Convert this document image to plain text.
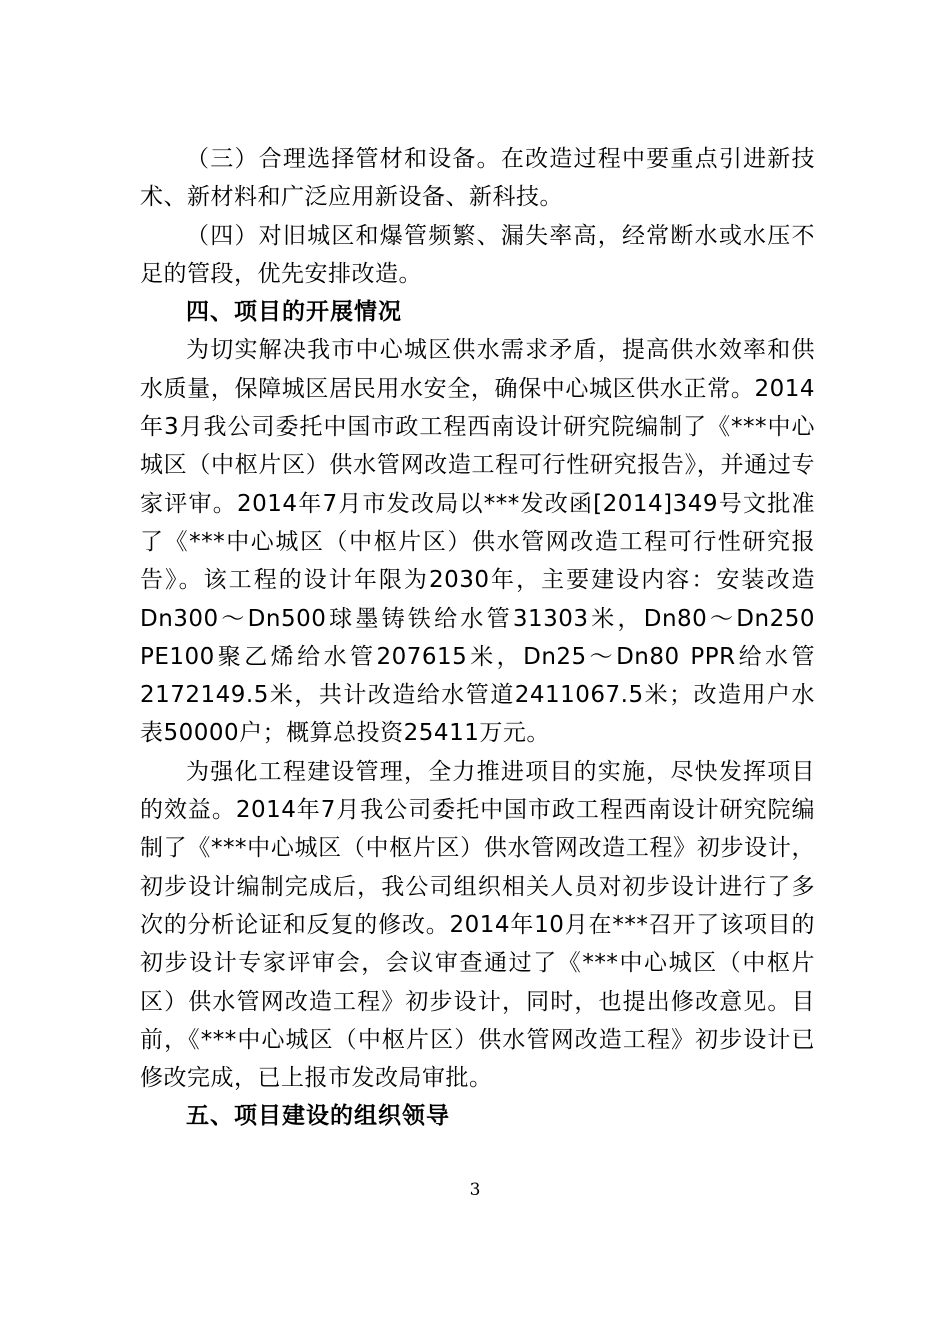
（三）合理选择管材和设备。在改造过程中要重点引进新技术、新材料和广泛应用新设备、新科技。

（四）对旧城区和爆管频繁、漏失率高，经常断水或水压不足的管段，优先安排改造。

四、项目的开展情况

为切实解决我市中心城区供水需求矛盾，提高供水效率和供水质量，保障城区居民用水安全，确保中心城区供水正常。2014年3月我公司委托中国市政工程西南设计研究院编制了《***中心城区（中枢片区）供水管网改造工程可行性研究报告》，并通过专家评审。2014年7月市发改局以***发改函[2014]349号文批准了《***中心城区（中枢片区）供水管网改造工程可行性研究报告》。该工程的设计年限为2030年，主要建设内容：安装改造Dn300～Dn500球墨铸铁给水管31303米，Dn80～Dn250 PE100聚乙烯给水管207615米，Dn25～Dn80 PPR给水管2172149.5米，共计改造给水管道2411067.5米；改造用户水表50000户；概算总投资25411万元。

为强化工程建设管理，全力推进项目的实施，尽快发挥项目的效益。2014年7月我公司委托中国市政工程西南设计研究院编制了《***中心城区（中枢片区）供水管网改造工程》初步设计，初步设计编制完成后，我公司组织相关人员对初步设计进行了多次的分析论证和反复的修改。2014年10月在***召开了该项目的初步设计专家评审会，会议审查通过了《***中心城区（中枢片区）供水管网改造工程》初步设计，同时，也提出修改意见。目前，《***中心城区（中枢片区）供水管网改造工程》初步设计已修改完成，已上报市发改局审批。

五、项目建设的组织领导

3
